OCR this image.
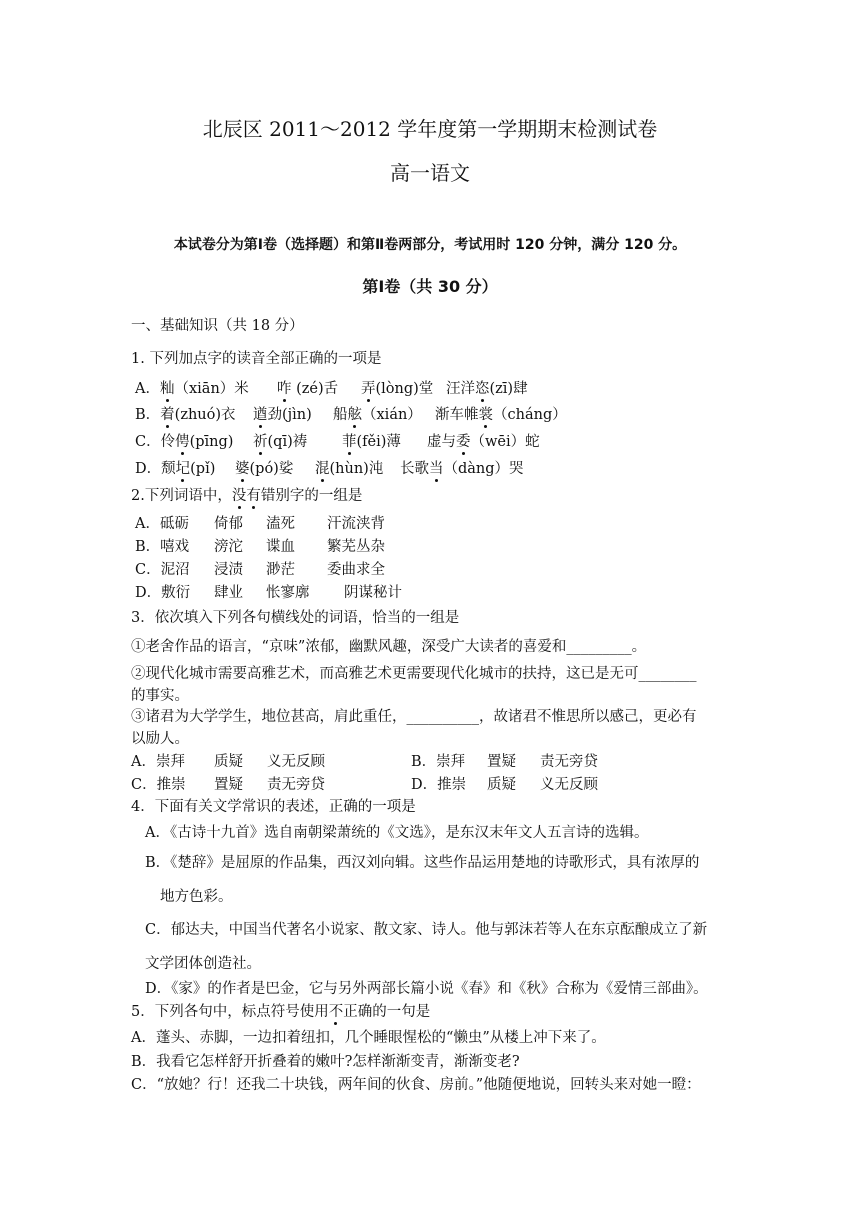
北辰区 2011～2012 学年度第一学期期末检测试卷
高一语文
本试卷分为第Ⅰ卷（选择题）和第Ⅱ卷两部分，考试用时 120 分钟，满分 120 分。
第Ⅰ卷（共 30 分）
一、基础知识（共 18 分）
1. 下列加点字的读音全部正确的一项是
A．籼（xiān）米 咋 (zé)舌 弄(lòng)堂 汪洋恣(zī)肆
B．着(zhuó)衣 遒劲(jìn) 船舷（xián） 渐车帷裳（cháng）
C．伶俜(pīng) 祈(qī)祷 菲(fěi)薄 虚与委（wēi）蛇
D．颓圮(pǐ) 婆(pó)娑 混(hùn)沌 长歌当（dàng）哭
2.下列词语中，没有错别字的一组是
A．砥砺 倚郁 溘死 汗流浃背
B．嘻戏 滂沱 谍血 繁芜丛杂
C．泥沼 浸渍 渺茫 委曲求全
D．敷衍 肆业 怅寥廓 阴谋秘计
3．依次填入下列各句横线处的词语，恰当的一组是
①老舍作品的语言，“京味”浓郁，幽默风趣，深受广大读者的喜爱和_________。
②现代化城市需要高雅艺术，而高雅艺术更需要现代化城市的扶持，这已是无可________
的事实。
③诸君为大学学生，地位甚高，肩此重任，__________，故诸君不惟思所以感己，更必有
以励人。
A．崇拜 质疑 义无反顾	B．崇拜 置疑 责无旁贷
C．推崇 置疑 责无旁贷	D．推崇 质疑 义无反顾
4．下面有关文学常识的表述，正确的一项是
A．《古诗十九首》选自南朝梁萧统的《文选》，是东汉末年文人五言诗的选辑。
B．《楚辞》是屈原的作品集，西汉刘向辑。这些作品运用楚地的诗歌形式，具有浓厚的
地方色彩。
C．郁达夫，中国当代著名小说家、散文家、诗人。他与郭沫若等人在东京酝酿成立了新
文学团体创造社。
D．《家》的作者是巴金，它与另外两部长篇小说《春》和《秋》合称为《爱情三部曲》。
5．下列各句中，标点符号使用不正确的一句是
A．蓬头、赤脚，一边扣着纽扣，几个睡眼惺松的“懒虫”从楼上冲下来了。
B．我看它怎样舒开折叠着的嫩叶?怎样渐渐变青，渐渐变老?
C．“放她？行！还我二十块钱，两年间的伙食、房前。”他随便地说，回转头来对她一瞪：
